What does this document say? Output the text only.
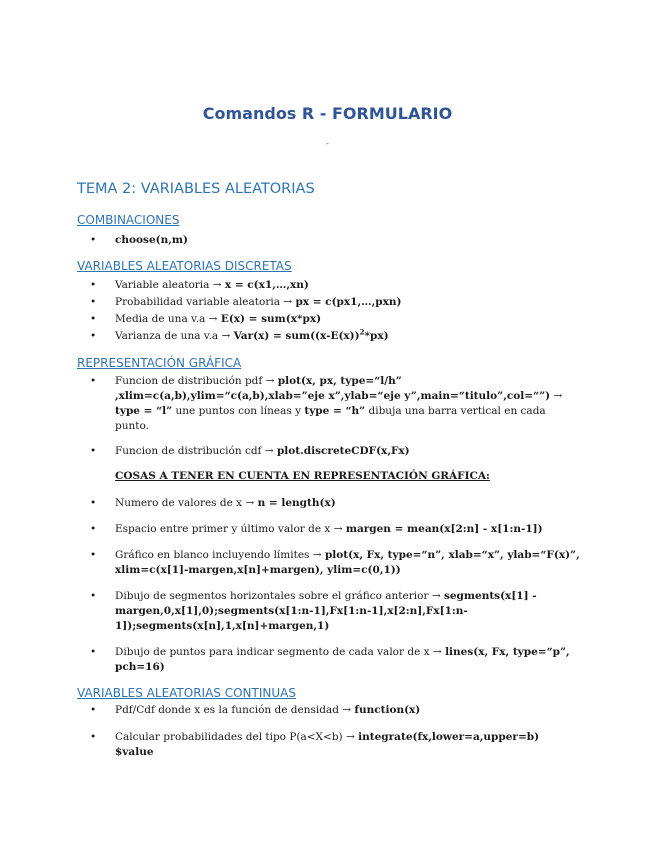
Comandos R - FORMULARIO
-
TEMA 2: VARIABLES ALEATORIAS
COMBINACIONES
• choose(n,m)
VARIABLES ALEATORIAS DISCRETAS
• Variable aleatoria → x = c(x1,…,xn)
• Probabilidad variable aleatoria → px = c(px1,…,pxn)
• Media de una v.a → E(x) = sum(x*px)
• Varianza de una $v.a \to Var(x) = sum((x-E(x))^2*px)$
REPRESENTACIÓN GRÁFICA
• Funcion de distribución pdf → plot(x, px, type=“l/h” ,xlim=c(a,b),ylim=“c(a,b),xlab=”eje x”,ylab=“eje y”,main=“titulo”,col=“”) → type = “l” une puntos con líneas y type = “h” dibuja una barra vertical en cada punto.
• Funcion de distribución cdf → plot.discreteCDF(x,Fx)
COSAS A TENER EN CUENTA EN REPRESENTACIÓN GRÁFICA:
• Numero de valores de x → n = length(x)
• Espacio entre primer y último valor de x → margen = mean(x[2:n] - x[1:n-1])
• Gráfico en blanco incluyendo límites → plot(x, Fx, type=“n”, xlab=“x”, ylab=“F(x)”, xlim=c(x[1]-margen,x[n]+margen), ylim=c(0,1))
• Dibujo de segmentos horizontales sobre el gráfico anterior → segments(x[1] - margen,0,x[1],0);segments(x[1:n-1],Fx[1:n-1],x[2:n],Fx[1:n-1]);segments(x[n],1,x[n]+margen,1)
• Dibujo de puntos para indicar segmento de cada valor de x → lines(x, Fx, type=“p”, pch=16)
VARIABLES ALEATORIAS CONTINUAS
• Pdf/Cdf donde x es la función de densidad → function(x)
• Calcular probabilidades del tipo P(a<X<b) → integrate(fx,lower=a,upper=b) $value
